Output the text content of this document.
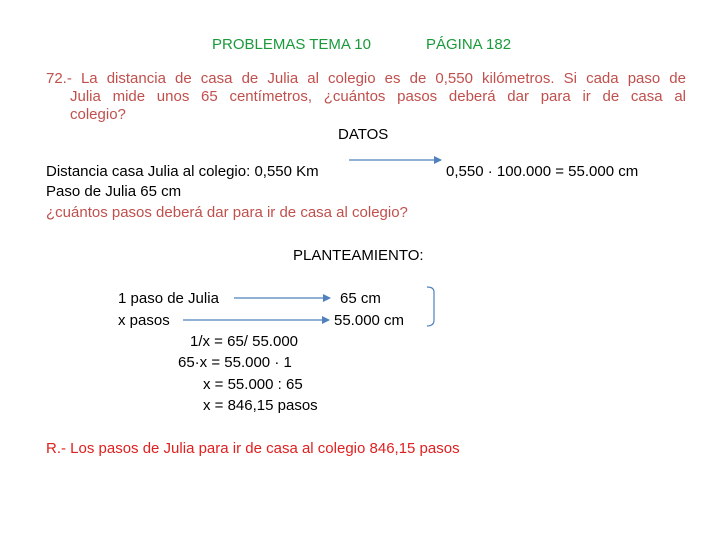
PROBLEMAS TEMA 10	PÁGINA 182
72.- La distancia de casa de Julia al colegio es de 0,550 kilómetros. Si cada paso de
Julia mide unos 65 centímetros, ¿cuántos pasos deberá dar para ir de casa al
colegio?
DATOS
Distancia casa Julia al colegio: 0,550 Km	0,550 · 100.000 = 55.000 cm
Paso de Julia 65 cm
¿cuántos pasos deberá dar para ir de casa al colegio?
PLANTEAMIENTO:
1 paso de Julia	65 cm
x pasos	55.000 cm
1/x = 65/ 55.000
65·x = 55.000 · 1
x = 55.000 : 65
x = 846,15 pasos
R.- Los pasos de Julia para ir de casa al colegio 846,15 pasos
